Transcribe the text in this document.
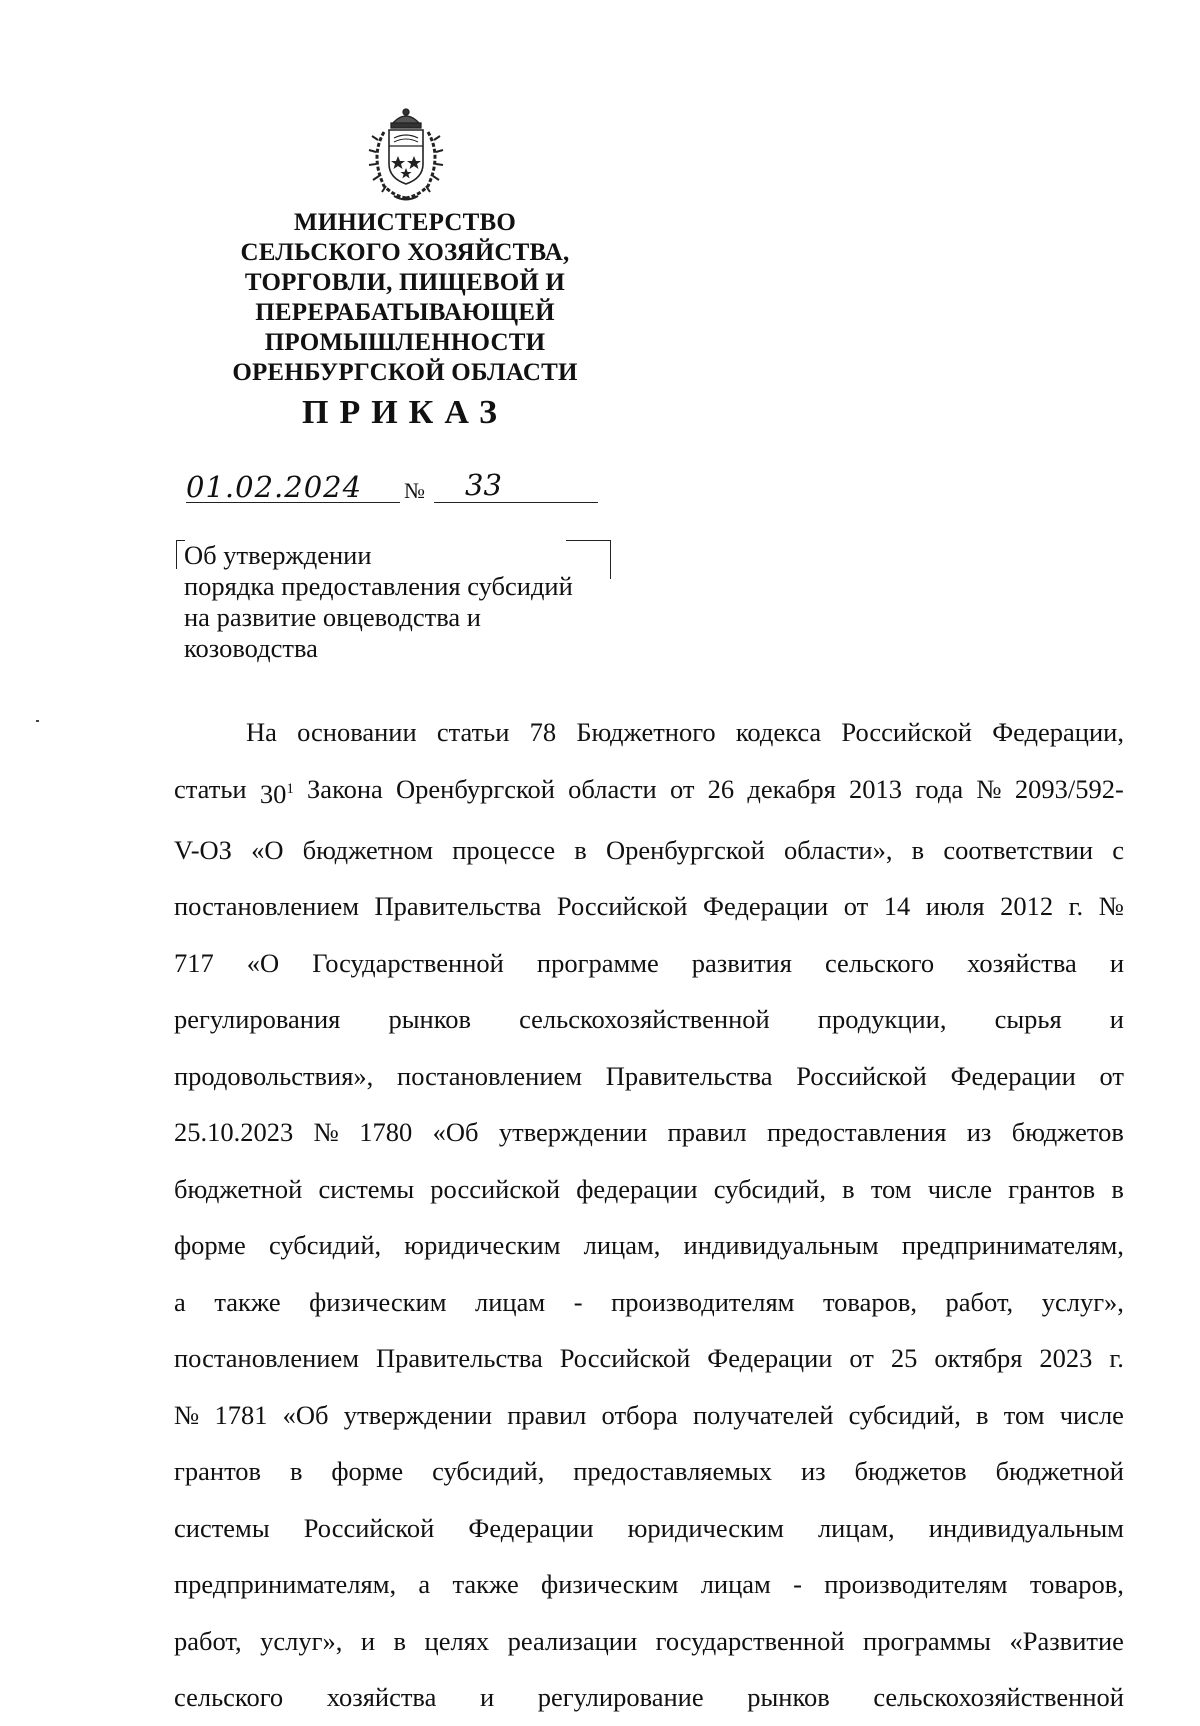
МИНИСТЕРСТВО
СЕЛЬСКОГО ХОЗЯЙСТВА,
ТОРГОВЛИ, ПИЩЕВОЙ И
ПЕРЕРАБАТЫВАЮЩЕЙ
ПРОМЫШЛЕННОСТИ
ОРЕНБУРГСКОЙ ОБЛАСТИ
ПРИКАЗ
01.02.2024 № 33
Об утверждении
порядка предоставления субсидий
на развитие овцеводства и
козоводства
На основании статьи 78 Бюджетного кодекса Российской Федерации,
статьи $30^1$ Закона Оренбургской области от 26 декабря 2013 года № 2093/592-
V-ОЗ «О бюджетном процессе в Оренбургской области», в соответствии с
постановлением Правительства Российской Федерации от 14 июля 2012 г. №
717 «О Государственной программе развития сельского хозяйства и
регулирования рынков сельскохозяйственной продукции, сырья и
продовольствия», постановлением Правительства Российской Федерации от
25.10.2023 № 1780 «Об утверждении правил предоставления из бюджетов
бюджетной системы российской федерации субсидий, в том числе грантов в
форме субсидий, юридическим лицам, индивидуальным предпринимателям,
а также физическим лицам - производителям товаров, работ, услуг»,
постановлением Правительства Российской Федерации от 25 октября 2023 г.
№ 1781 «Об утверждении правил отбора получателей субсидий, в том числе
грантов в форме субсидий, предоставляемых из бюджетов бюджетной
системы Российской Федерации юридическим лицам, индивидуальным
предпринимателям, а также физическим лицам - производителям товаров,
работ, услуг», и в целях реализации государственной программы «Развитие
сельского хозяйства и регулирование рынков сельскохозяйственной
